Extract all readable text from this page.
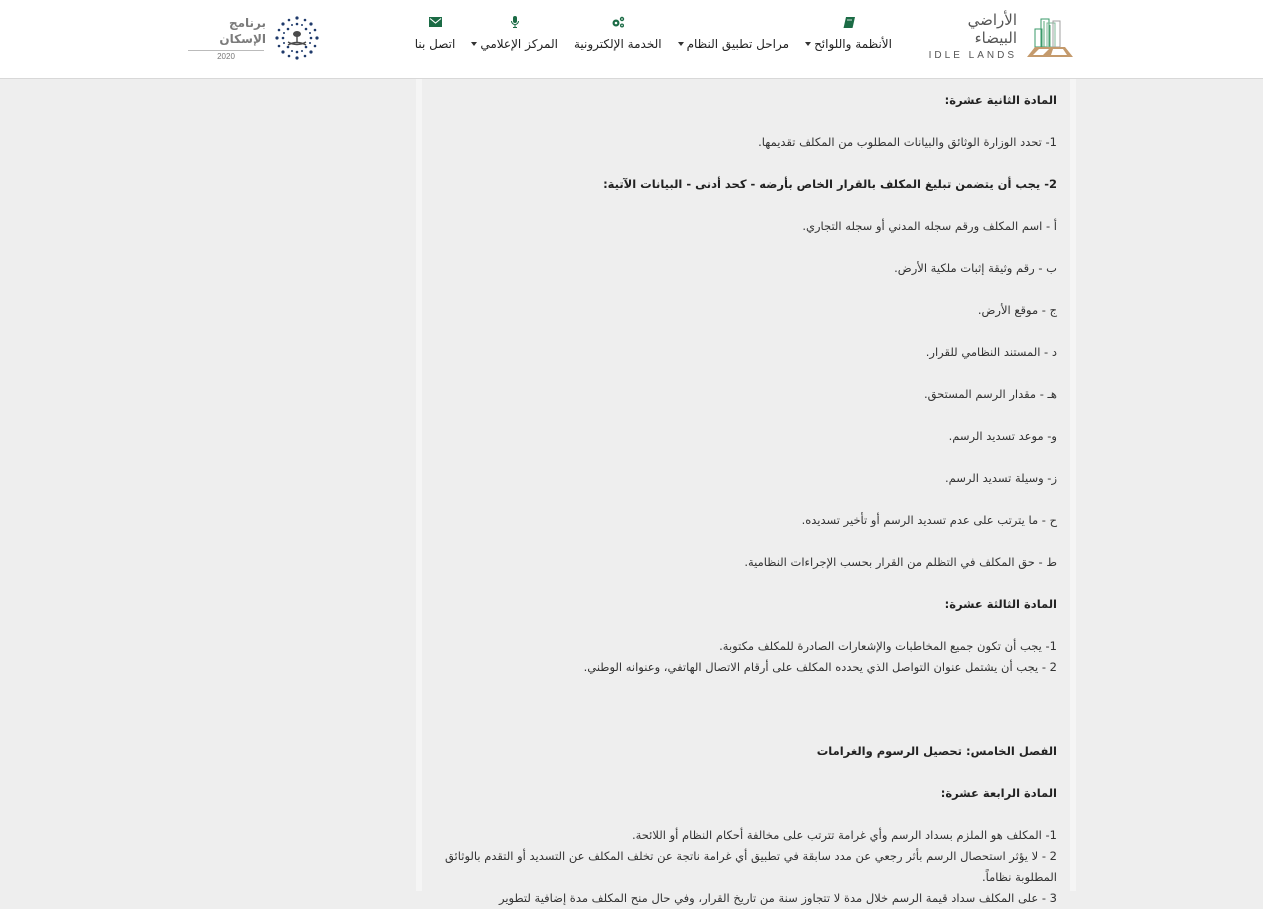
الأراضي البيضاء
IDLE LANDS
الأنظمة واللوائح
مراحل تطبيق النظام
الخدمة الإلكترونية
المركز الإعلامي
اتصل بنا
برنامج الإسكان
2020

المادة الثانية عشرة:

1- تحدد الوزارة الوثائق والبيانات المطلوب من المكلف تقديمها.

2- يجب أن يتضمن تبليغ المكلف بالقرار الخاص بأرضه - كحد أدنى - البيانات الآتية:

أ - اسم المكلف ورقم سجله المدني أو سجله التجاري.

ب - رقم وثيقة إثبات ملكية الأرض.

ج - موقع الأرض.

د - المستند النظامي للقرار.

هـ - مقدار الرسم المستحق.

و- موعد تسديد الرسم.

ز- وسيلة تسديد الرسم.

ح - ما يترتب على عدم تسديد الرسم أو تأخير تسديده.

ط - حق المكلف في التظلم من القرار بحسب الإجراءات النظامية.

المادة الثالثة عشرة:

1- يجب أن تكون جميع المخاطبات والإشعارات الصادرة للمكلف مكتوبة.

2 - يجب أن يشتمل عنوان التواصل الذي يحدده المكلف على أرقام الاتصال الهاتفي، وعنوانه الوطني.

الفصل الخامس: تحصيل الرسوم والغرامات

المادة الرابعة عشرة:

1- المكلف هو الملزم بسداد الرسم وأي غرامة تترتب على مخالفة أحكام النظام أو اللائحة.

2 - لا يؤثر استحصال الرسم بأثر رجعي عن مدد سابقة في تطبيق أي غرامة ناتجة عن تخلف المكلف عن التسديد أو التقدم بالوثائق المطلوبة نظاماً.

3 - على المكلف سداد قيمة الرسم خلال مدة لا تتجاوز سنة من تاريخ القرار، وفي حال منح المكلف مدة إضافية لتطوير
